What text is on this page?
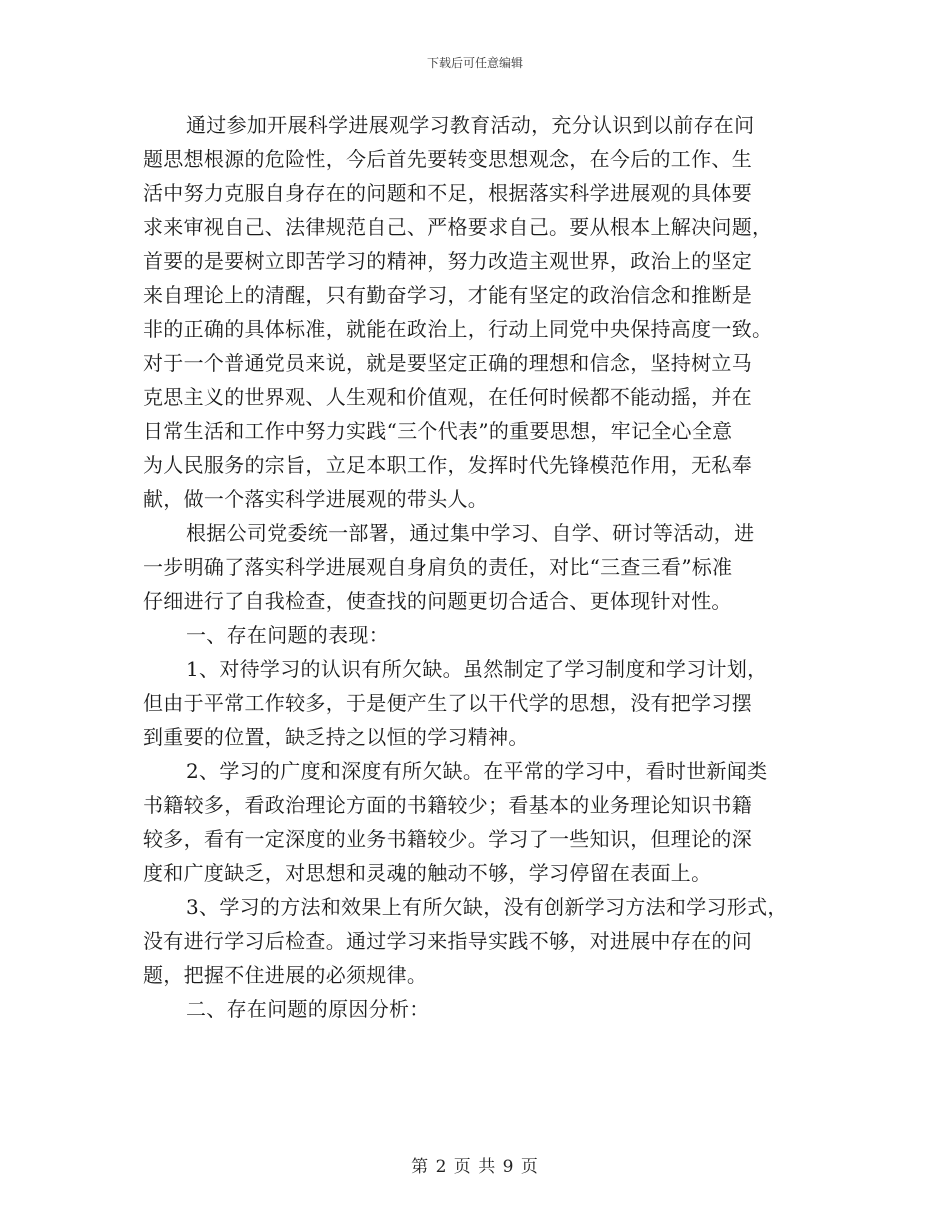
下载后可任意编辑
通过参加开展科学进展观学习教育活动，充分认识到以前存在问
题思想根源的危险性，今后首先要转变思想观念，在今后的工作、生
活中努力克服自身存在的问题和不足，根据落实科学进展观的具体要
求来审视自己、法律规范自己、严格要求自己。要从根本上解决问题，
首要的是要树立即苦学习的精神，努力改造主观世界，政治上的坚定
来自理论上的清醒，只有勤奋学习，才能有坚定的政治信念和推断是
非的正确的具体标准，就能在政治上，行动上同党中央保持高度一致。
对于一个普通党员来说，就是要坚定正确的理想和信念，坚持树立马
克思主义的世界观、人生观和价值观，在任何时候都不能动摇，并在
日常生活和工作中努力实践“三个代表”的重要思想，牢记全心全意
为人民服务的宗旨，立足本职工作，发挥时代先锋模范作用，无私奉
献，做一个落实科学进展观的带头人。
根据公司党委统一部署，通过集中学习、自学、研讨等活动，进
一步明确了落实科学进展观自身肩负的责任，对比“三查三看”标准
仔细进行了自我检查，使查找的问题更切合适合、更体现针对性。
一、存在问题的表现：
1、对待学习的认识有所欠缺。虽然制定了学习制度和学习计划，
但由于平常工作较多，于是便产生了以干代学的思想，没有把学习摆
到重要的位置，缺乏持之以恒的学习精神。
2、学习的广度和深度有所欠缺。在平常的学习中，看时世新闻类
书籍较多，看政治理论方面的书籍较少；看基本的业务理论知识书籍
较多，看有一定深度的业务书籍较少。学习了一些知识，但理论的深
度和广度缺乏，对思想和灵魂的触动不够，学习停留在表面上。
3、学习的方法和效果上有所欠缺，没有创新学习方法和学习形式，
没有进行学习后检查。通过学习来指导实践不够，对进展中存在的问
题，把握不住进展的必须规律。
二、存在问题的原因分析：
第 2 页 共 9 页
